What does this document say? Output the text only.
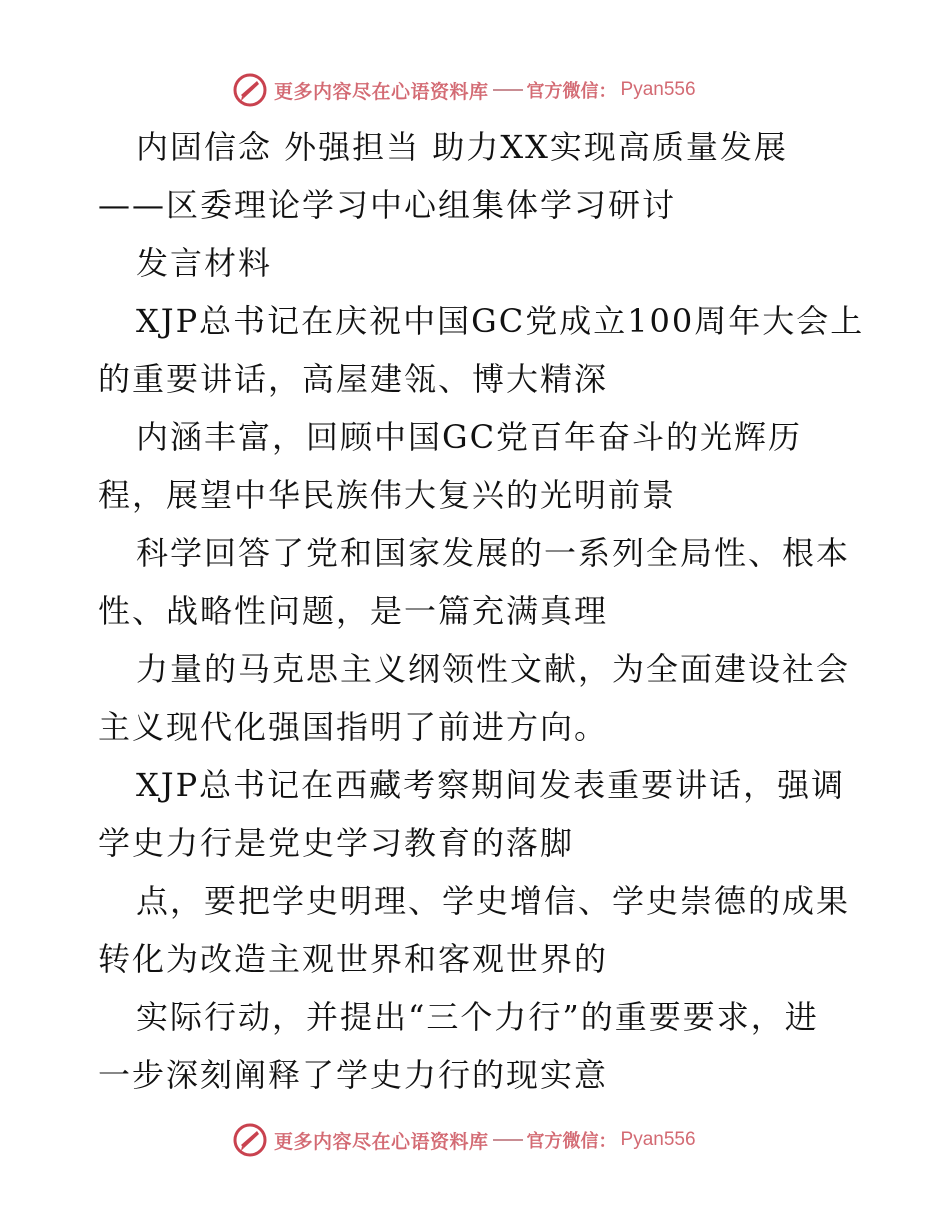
更多内容尽在心语资料库 官方微信： Pyan556
内固信念 外强担当 助力XX实现高质量发展
——区委理论学习中心组集体学习研讨
发言材料
XJP总书记在庆祝中国GC党成立100周年大会上
的重要讲话，高屋建瓴、博大精深
内涵丰富，回顾中国GC党百年奋斗的光辉历
程，展望中华民族伟大复兴的光明前景
科学回答了党和国家发展的一系列全局性、根本
性、战略性问题，是一篇充满真理
力量的马克思主义纲领性文献，为全面建设社会
主义现代化强国指明了前进方向。
XJP总书记在西藏考察期间发表重要讲话，强调
学史力行是党史学习教育的落脚
点，要把学史明理、学史增信、学史崇德的成果
转化为改造主观世界和客观世界的
实际行动，并提出“三个力行”的重要要求，进
一步深刻阐释了学史力行的现实意
更多内容尽在心语资料库 官方微信： Pyan556
